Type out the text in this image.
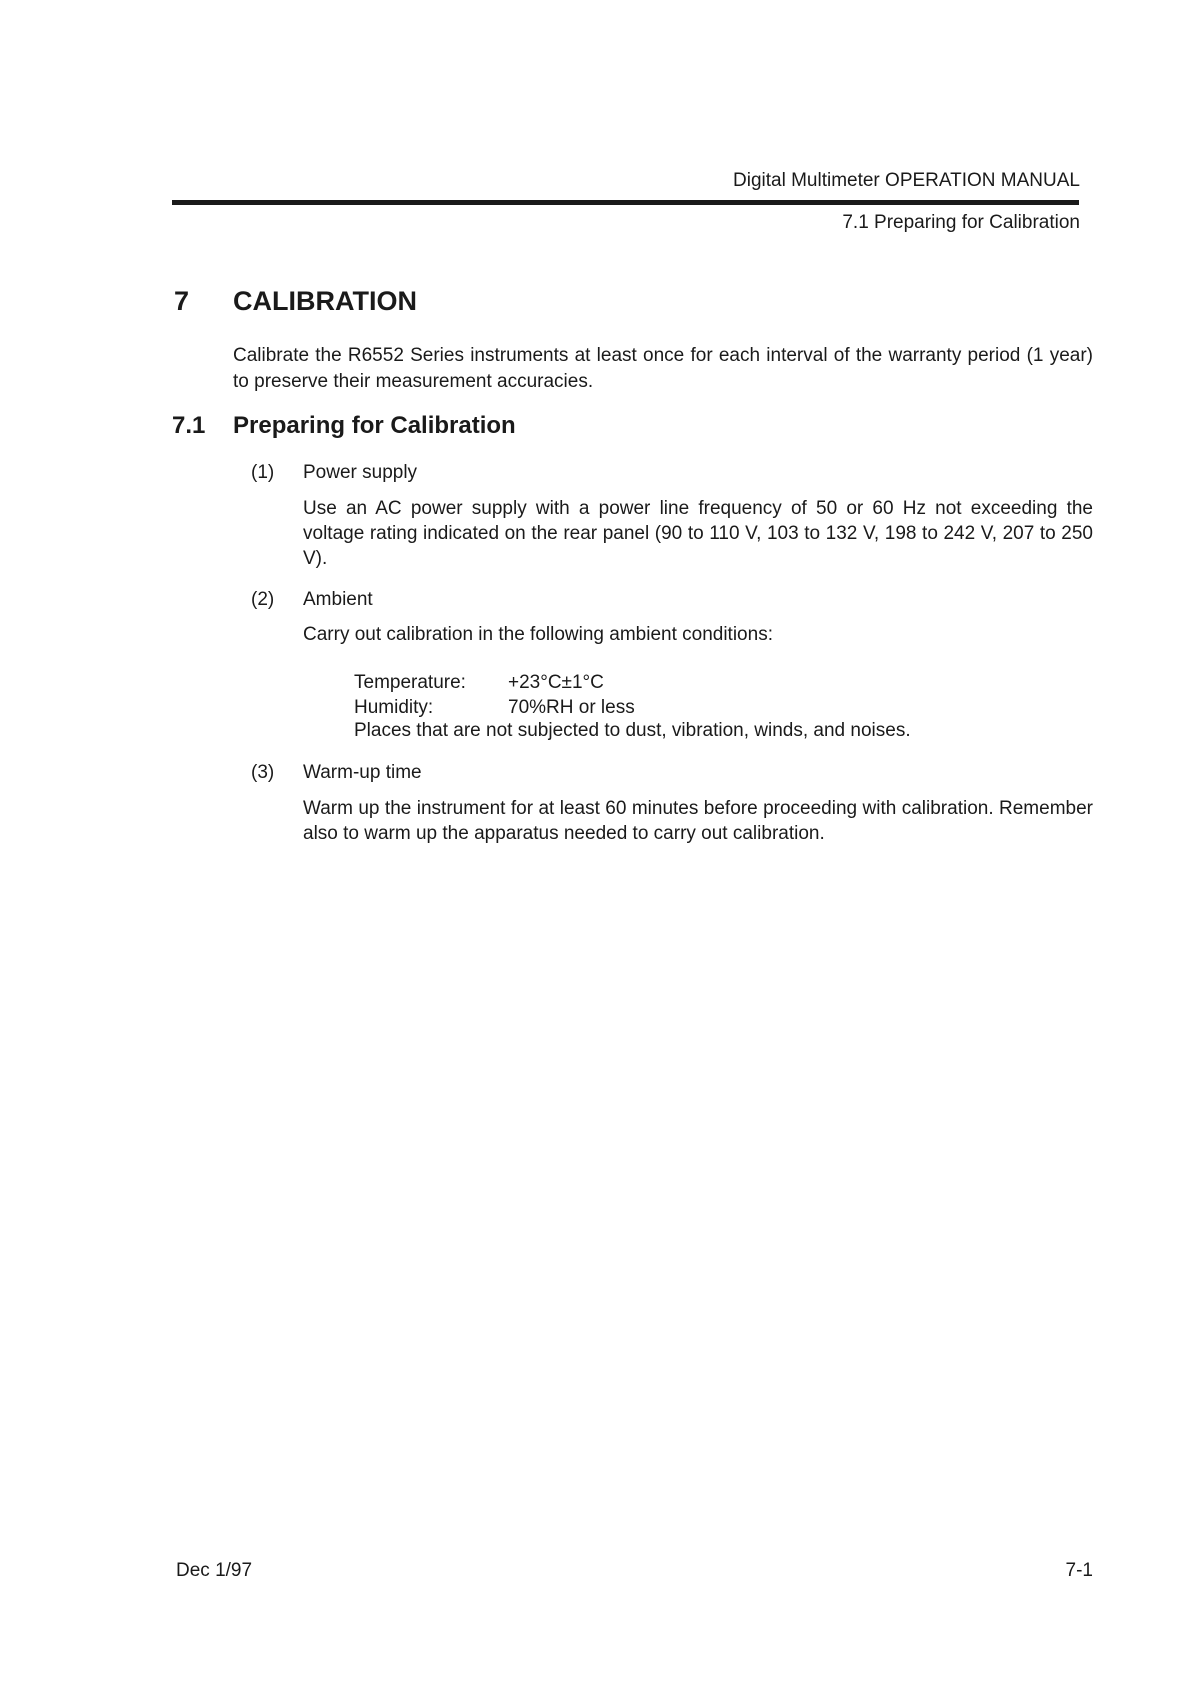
Digital Multimeter OPERATION MANUAL
7.1 Preparing for Calibration
7 CALIBRATION

Calibrate the R6552 Series instruments at least once for each interval of the warranty period (1 year) to preserve their measurement accuracies.

7.1 Preparing for Calibration
(1) Power supply

Use an AC power supply with a power line frequency of 50 or 60 Hz not exceeding the voltage rating indicated on the rear panel (90 to 110 V, 103 to 132 V, 198 to 242 V, 207 to 250 V).

(2) Ambient

Carry out calibration in the following ambient conditions:

Temperature: +23°C±1°C
Humidity:	70%RH or less
Places that are not subjected to dust, vibration, winds, and noises.
(3) Warm-up time

Warm up the instrument for at least 60 minutes before proceeding with calibration. Remember also to warm up the apparatus needed to carry out calibration.

Dec 1/97	7-1
